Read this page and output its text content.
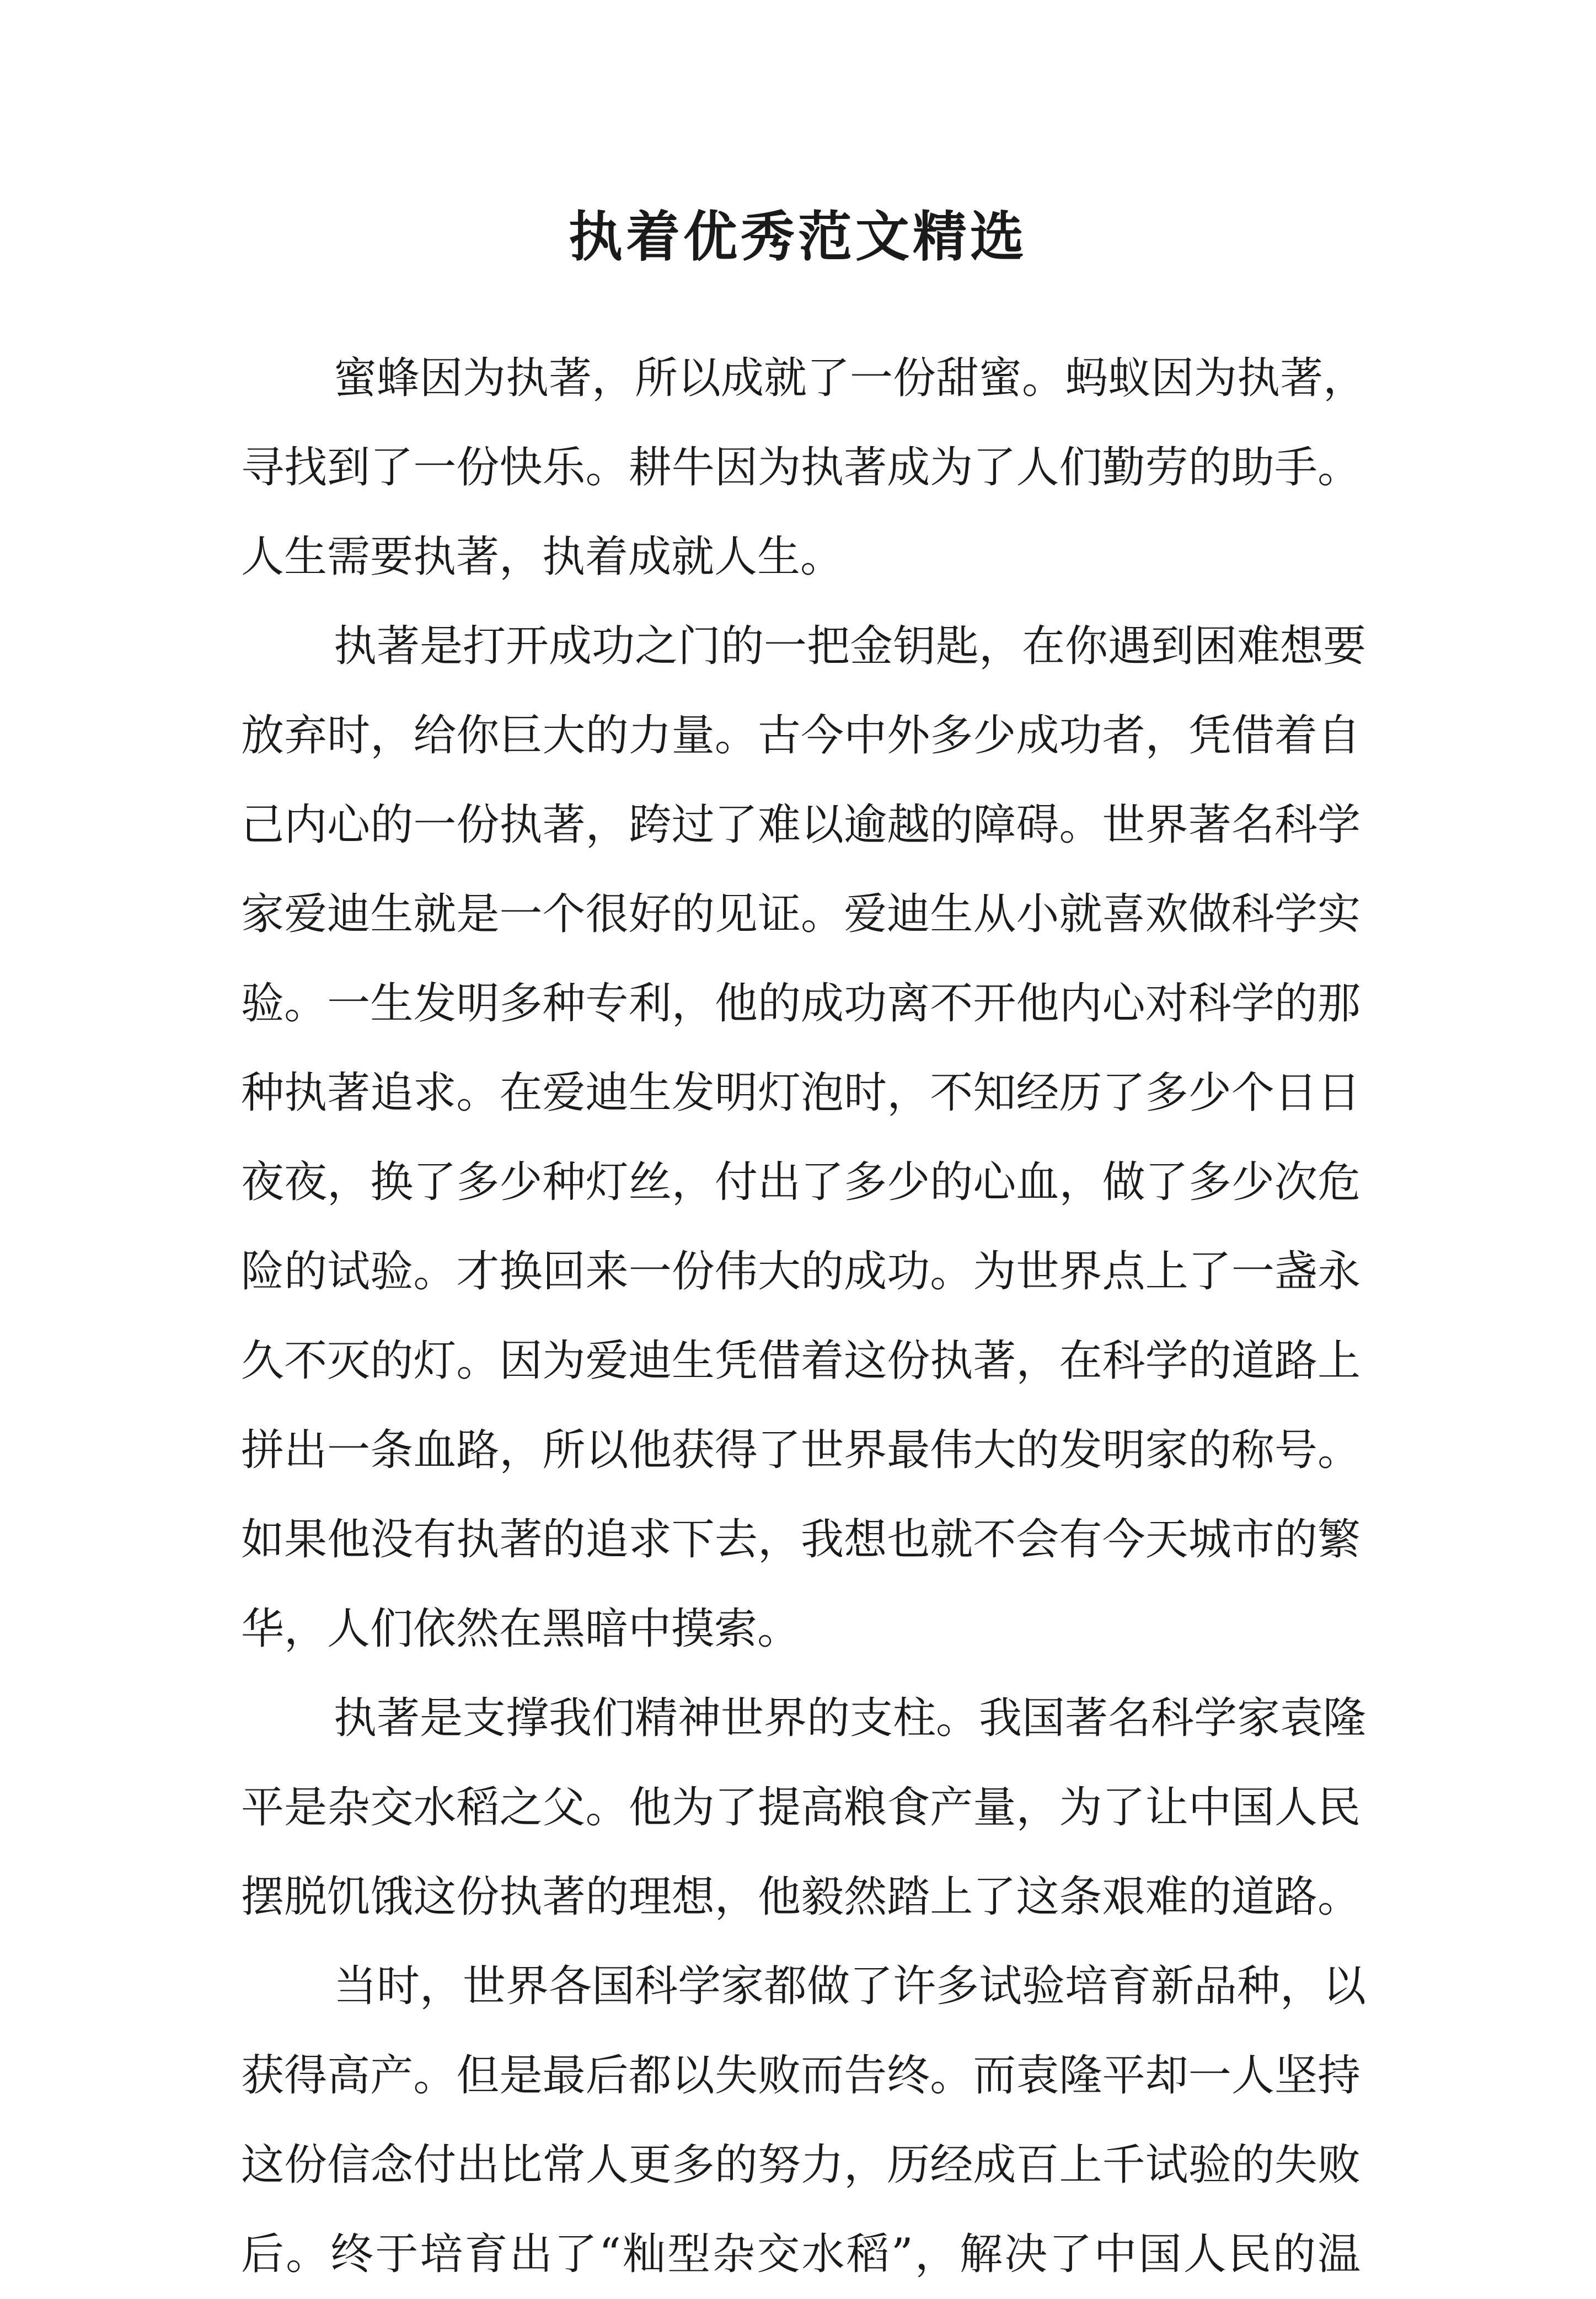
执着优秀范文精选
蜜蜂因为执著，所以成就了一份甜蜜。蚂蚁因为执著，
寻找到了一份快乐。耕牛因为执著成为了人们勤劳的助手。
人生需要执著，执着成就人生。
执著是打开成功之门的一把金钥匙，在你遇到困难想要
放弃时，给你巨大的力量。古今中外多少成功者，凭借着自
己内心的一份执著，跨过了难以逾越的障碍。世界著名科学
家爱迪生就是一个很好的见证。爱迪生从小就喜欢做科学实
验。一生发明多种专利，他的成功离不开他内心对科学的那
种执著追求。在爱迪生发明灯泡时，不知经历了多少个日日
夜夜，换了多少种灯丝，付出了多少的心血，做了多少次危
险的试验。才换回来一份伟大的成功。为世界点上了一盏永
久不灭的灯。因为爱迪生凭借着这份执著，在科学的道路上
拼出一条血路，所以他获得了世界最伟大的发明家的称号。
如果他没有执著的追求下去，我想也就不会有今天城市的繁
华，人们依然在黑暗中摸索。
执著是支撑我们精神世界的支柱。我国著名科学家袁隆
平是杂交水稻之父。他为了提高粮食产量，为了让中国人民
摆脱饥饿这份执著的理想，他毅然踏上了这条艰难的道路。
当时，世界各国科学家都做了许多试验培育新品种，以
获得高产。但是最后都以失败而告终。而袁隆平却一人坚持
这份信念付出比常人更多的努力，历经成百上千试验的失败
后。终于培育出了“籼型杂交水稻”，解决了中国人民的温
